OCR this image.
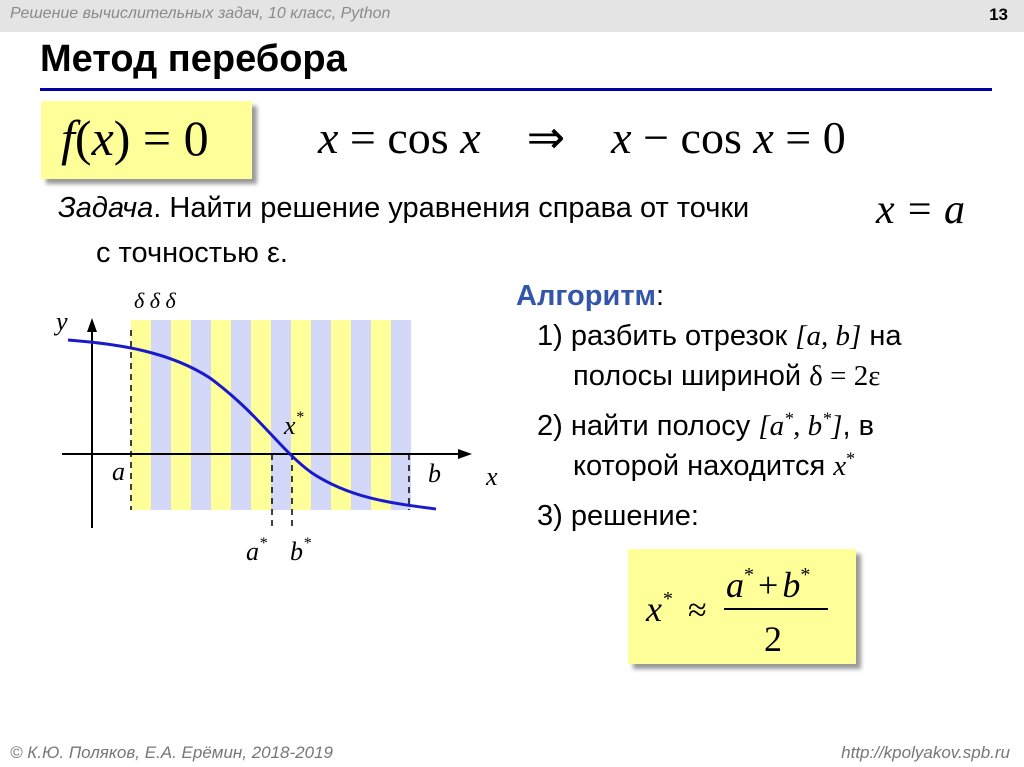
Решение вычислительных задач, 10 класс, Python	13
Метод перебора
f(x) = 0 x = cos x ⇒ x − cos x = 0
Задача. Найти решение уравнения справа от точки	x = a
с точностью ε.
δ δ δ
y
x
a	b
x*
a* b*
Алгоритм:
1) разбить отрезок [a, b] на
полосы шириной δ = 2ε
2) найти полосу [a*, b*], в
которой находится x*
3) решение:
x* ≈
a* + b*
2
© К.Ю. Поляков, Е.А. Ерёмин, 2018-2019	http://kpolyakov.spb.ru
